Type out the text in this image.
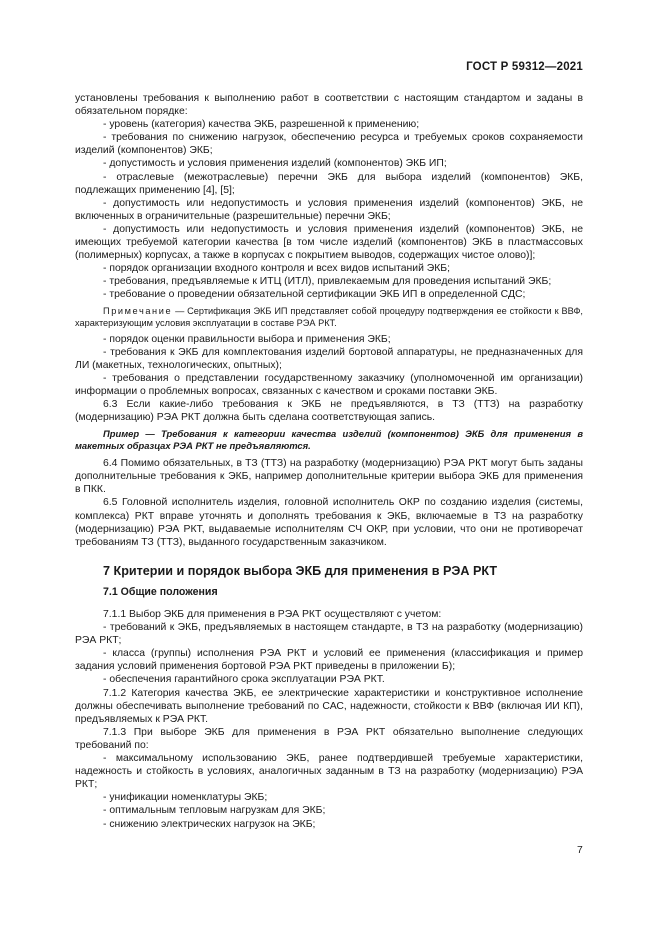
ГОСТ Р 59312—2021

установлены требования к выполнению работ в соответствии с настоящим стандартом и заданы в обязательном порядке:

- уровень (категория) качества ЭКБ, разрешенной к применению;

- требования по снижению нагрузок, обеспечению ресурса и требуемых сроков сохраняемости изделий (компонентов) ЭКБ;

- допустимость и условия применения изделий (компонентов) ЭКБ ИП;

- отраслевые (межотраслевые) перечни ЭКБ для выбора изделий (компонентов) ЭКБ, подлежащих применению [4], [5];

- допустимость или недопустимость и условия применения изделий (компонентов) ЭКБ, не включенных в ограничительные (разрешительные) перечни ЭКБ;

- допустимость или недопустимость и условия применения изделий (компонентов) ЭКБ, не имеющих требуемой категории качества [в том числе изделий (компонентов) ЭКБ в пластмассовых (полимерных) корпусах, а также в корпусах с покрытием выводов, содержащих чистое олово)];

- порядок организации входного контроля и всех видов испытаний ЭКБ;

- требования, предъявляемые к ИТЦ (ИТЛ), привлекаемым для проведения испытаний ЭКБ;

- требование о проведении обязательной сертификации ЭКБ ИП в определенной СДС;

Примечание — Сертификация ЭКБ ИП представляет собой процедуру подтверждения ее стойкости к ВВФ, характеризующим условия эксплуатации в составе РЭА РКТ.

- порядок оценки правильности выбора и применения ЭКБ;

- требования к ЭКБ для комплектования изделий бортовой аппаратуры, не предназначенных для ЛИ (макетных, технологических, опытных);

- требования о представлении государственному заказчику (уполномоченной им организации) информации о проблемных вопросах, связанных с качеством и сроками поставки ЭКБ.

6.3 Если какие-либо требования к ЭКБ не предъявляются, в ТЗ (ТТЗ) на разработку (модернизацию) РЭА РКТ должна быть сделана соответствующая запись.

Пример — Требования к категории качества изделий (компонентов) ЭКБ для применения в макетных образцах РЭА РКТ не предъявляются.

6.4 Помимо обязательных, в ТЗ (ТТЗ) на разработку (модернизацию) РЭА РКТ могут быть заданы дополнительные требования к ЭКБ, например дополнительные критерии выбора ЭКБ для применения в ПКК.

6.5 Головной исполнитель изделия, головной исполнитель ОКР по созданию изделия (системы, комплекса) РКТ вправе уточнять и дополнять требования к ЭКБ, включаемые в ТЗ на разработку (модернизацию) РЭА РКТ, выдаваемые исполнителям СЧ ОКР, при условии, что они не противоречат требованиям ТЗ (ТТЗ), выданного государственным заказчиком.

7 Критерии и порядок выбора ЭКБ для применения в РЭА РКТ
7.1 Общие положения

7.1.1 Выбор ЭКБ для применения в РЭА РКТ осуществляют с учетом:

- требований к ЭКБ, предъявляемых в настоящем стандарте, в ТЗ на разработку (модернизацию) РЭА РКТ;

- класса (группы) исполнения РЭА РКТ и условий ее применения (классификация и пример задания условий применения бортовой РЭА РКТ приведены в приложении Б);

- обеспечения гарантийного срока эксплуатации РЭА РКТ.

7.1.2 Категория качества ЭКБ, ее электрические характеристики и конструктивное исполнение должны обеспечивать выполнение требований по САС, надежности, стойкости к ВВФ (включая ИИ КП), предъявляемых к РЭА РКТ.

7.1.3 При выборе ЭКБ для применения в РЭА РКТ обязательно выполнение следующих требований по:

- максимальному использованию ЭКБ, ранее подтвердившей требуемые характеристики, надежность и стойкость в условиях, аналогичных заданным в ТЗ на разработку (модернизацию) РЭА РКТ;

- унификации номенклатуры ЭКБ;

- оптимальным тепловым нагрузкам для ЭКБ;

- снижению электрических нагрузок на ЭКБ;

7
